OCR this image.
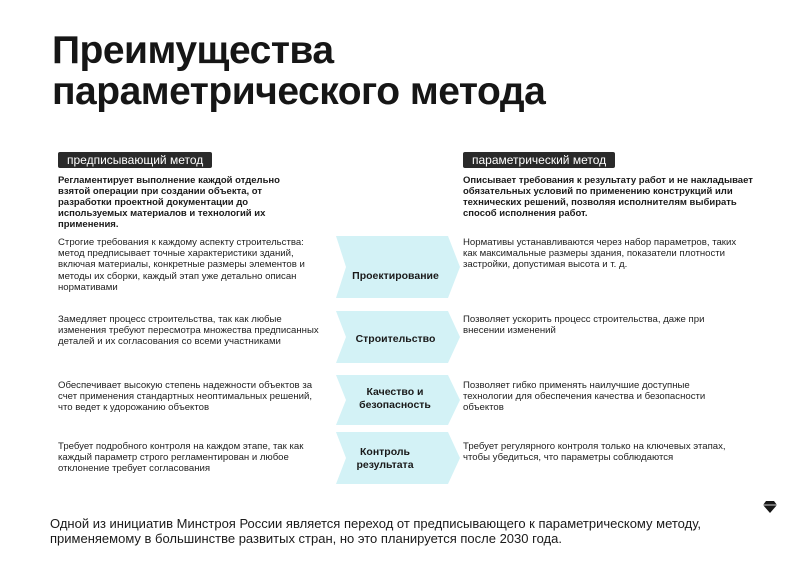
Преимущества
параметрического метода
предписывающий метод	параметрический метод

Регламентирует выполнение каждой отдельно взятой операции при создании объекта, от разработки проектной документации до используемых материалов и технологий их применения.

Описывает требования к результату работ и не накладывает обязательных условий по применению конструкций или технических решений, позволяя исполнителям выбирать способ исполнения работ.

Строгие требования к каждому аспекту строительства: метод предписывает точные характеристики зданий, включая материалы, конкретные размеры элементов и методы их сборки, каждый этап уже детально описан нормативами

Проектирование

Нормативы устанавливаются через набор параметров, таких как максимальные размеры здания, показатели плотности застройки, допустимая высота и т. д.

Замедляет процесс строительства, так как любые изменения требуют пересмотра множества предписанных деталей и их согласования со всеми участниками	Строительство

Позволяет ускорить процесс строительства, даже при внесении изменений

Обеспечивает высокую степень надежности объектов за счет применения стандартных неоптимальных решений, что ведет к удорожанию объектов

Качество и безопасность

Позволяет гибко применять наилучшие доступные технологии для обеспечения качества и безопасности объектов

Требует подробного контроля на каждом этапе, так как каждый параметр строго регламентирован и любое отклонение требует согласования

Контроль результата

Требует регулярного контроля только на ключевых этапах, чтобы убедиться, что параметры соблюдаются

Одной из инициатив Минстроя России является переход от предписывающего к параметрическому методу, применяемому в большинстве развитых стран, но это планируется после 2030 года.
